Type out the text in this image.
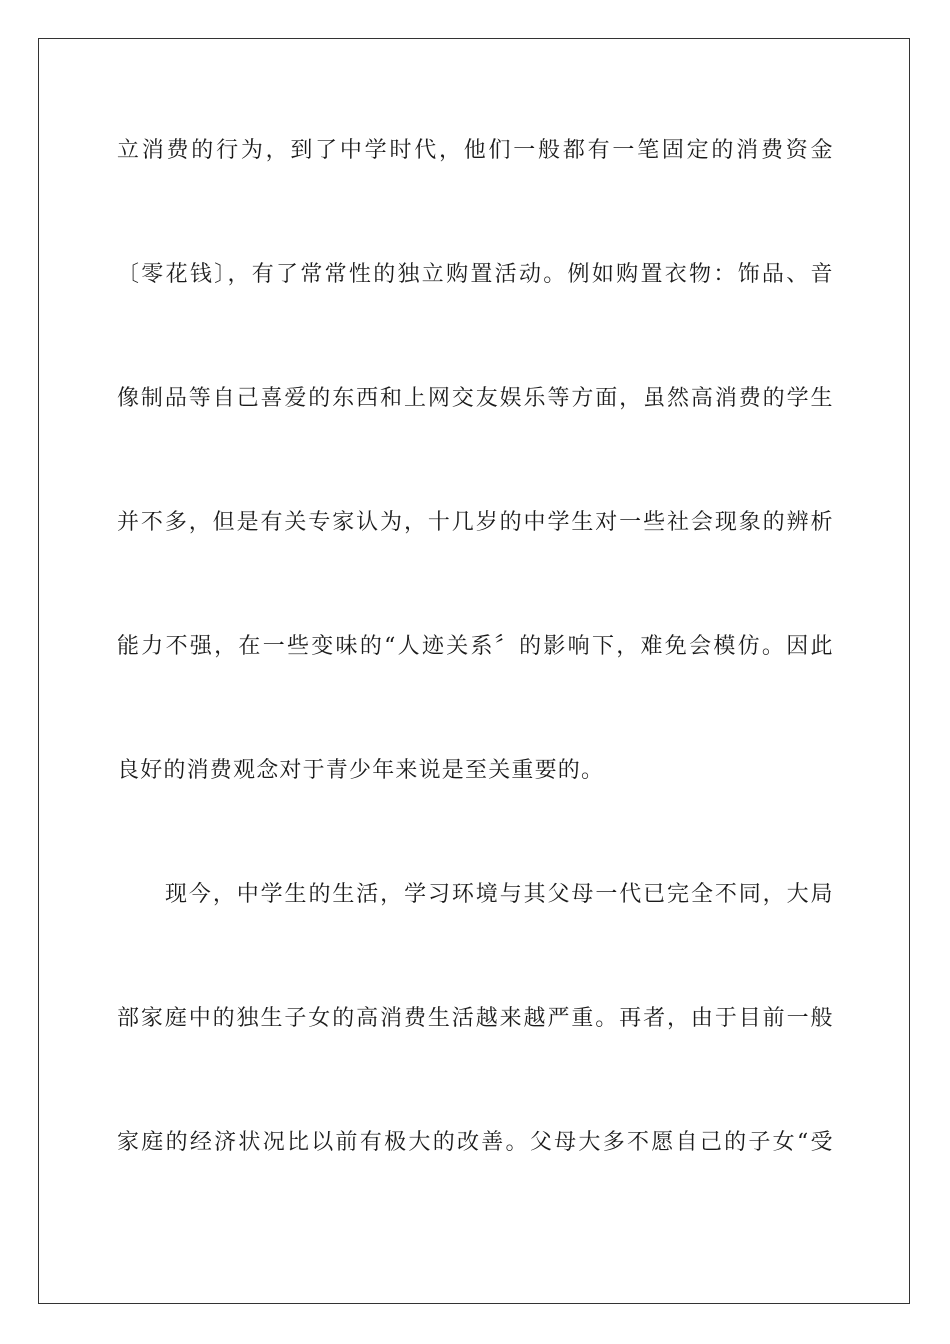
立消费的行为，到了中学时代，他们一般都有一笔固定的消费资金
〔零花钱〕，有了常常性的独立购置活动。例如购置衣物：饰品、音
像制品等自己喜爱的东西和上网交友娱乐等方面，虽然高消费的学生
并不多，但是有关专家认为，十几岁的中学生对一些社会现象的辨析
能力不强，在一些变味的“人迹关系〞的影响下，难免会模仿。因此
良好的消费观念对于青少年来说是至关重要的。
现今，中学生的生活，学习环境与其父母一代已完全不同，大局
部家庭中的独生子女的高消费生活越来越严重。再者，由于目前一般
家庭的经济状况比以前有极大的改善。父母大多不愿自己的子女“受
